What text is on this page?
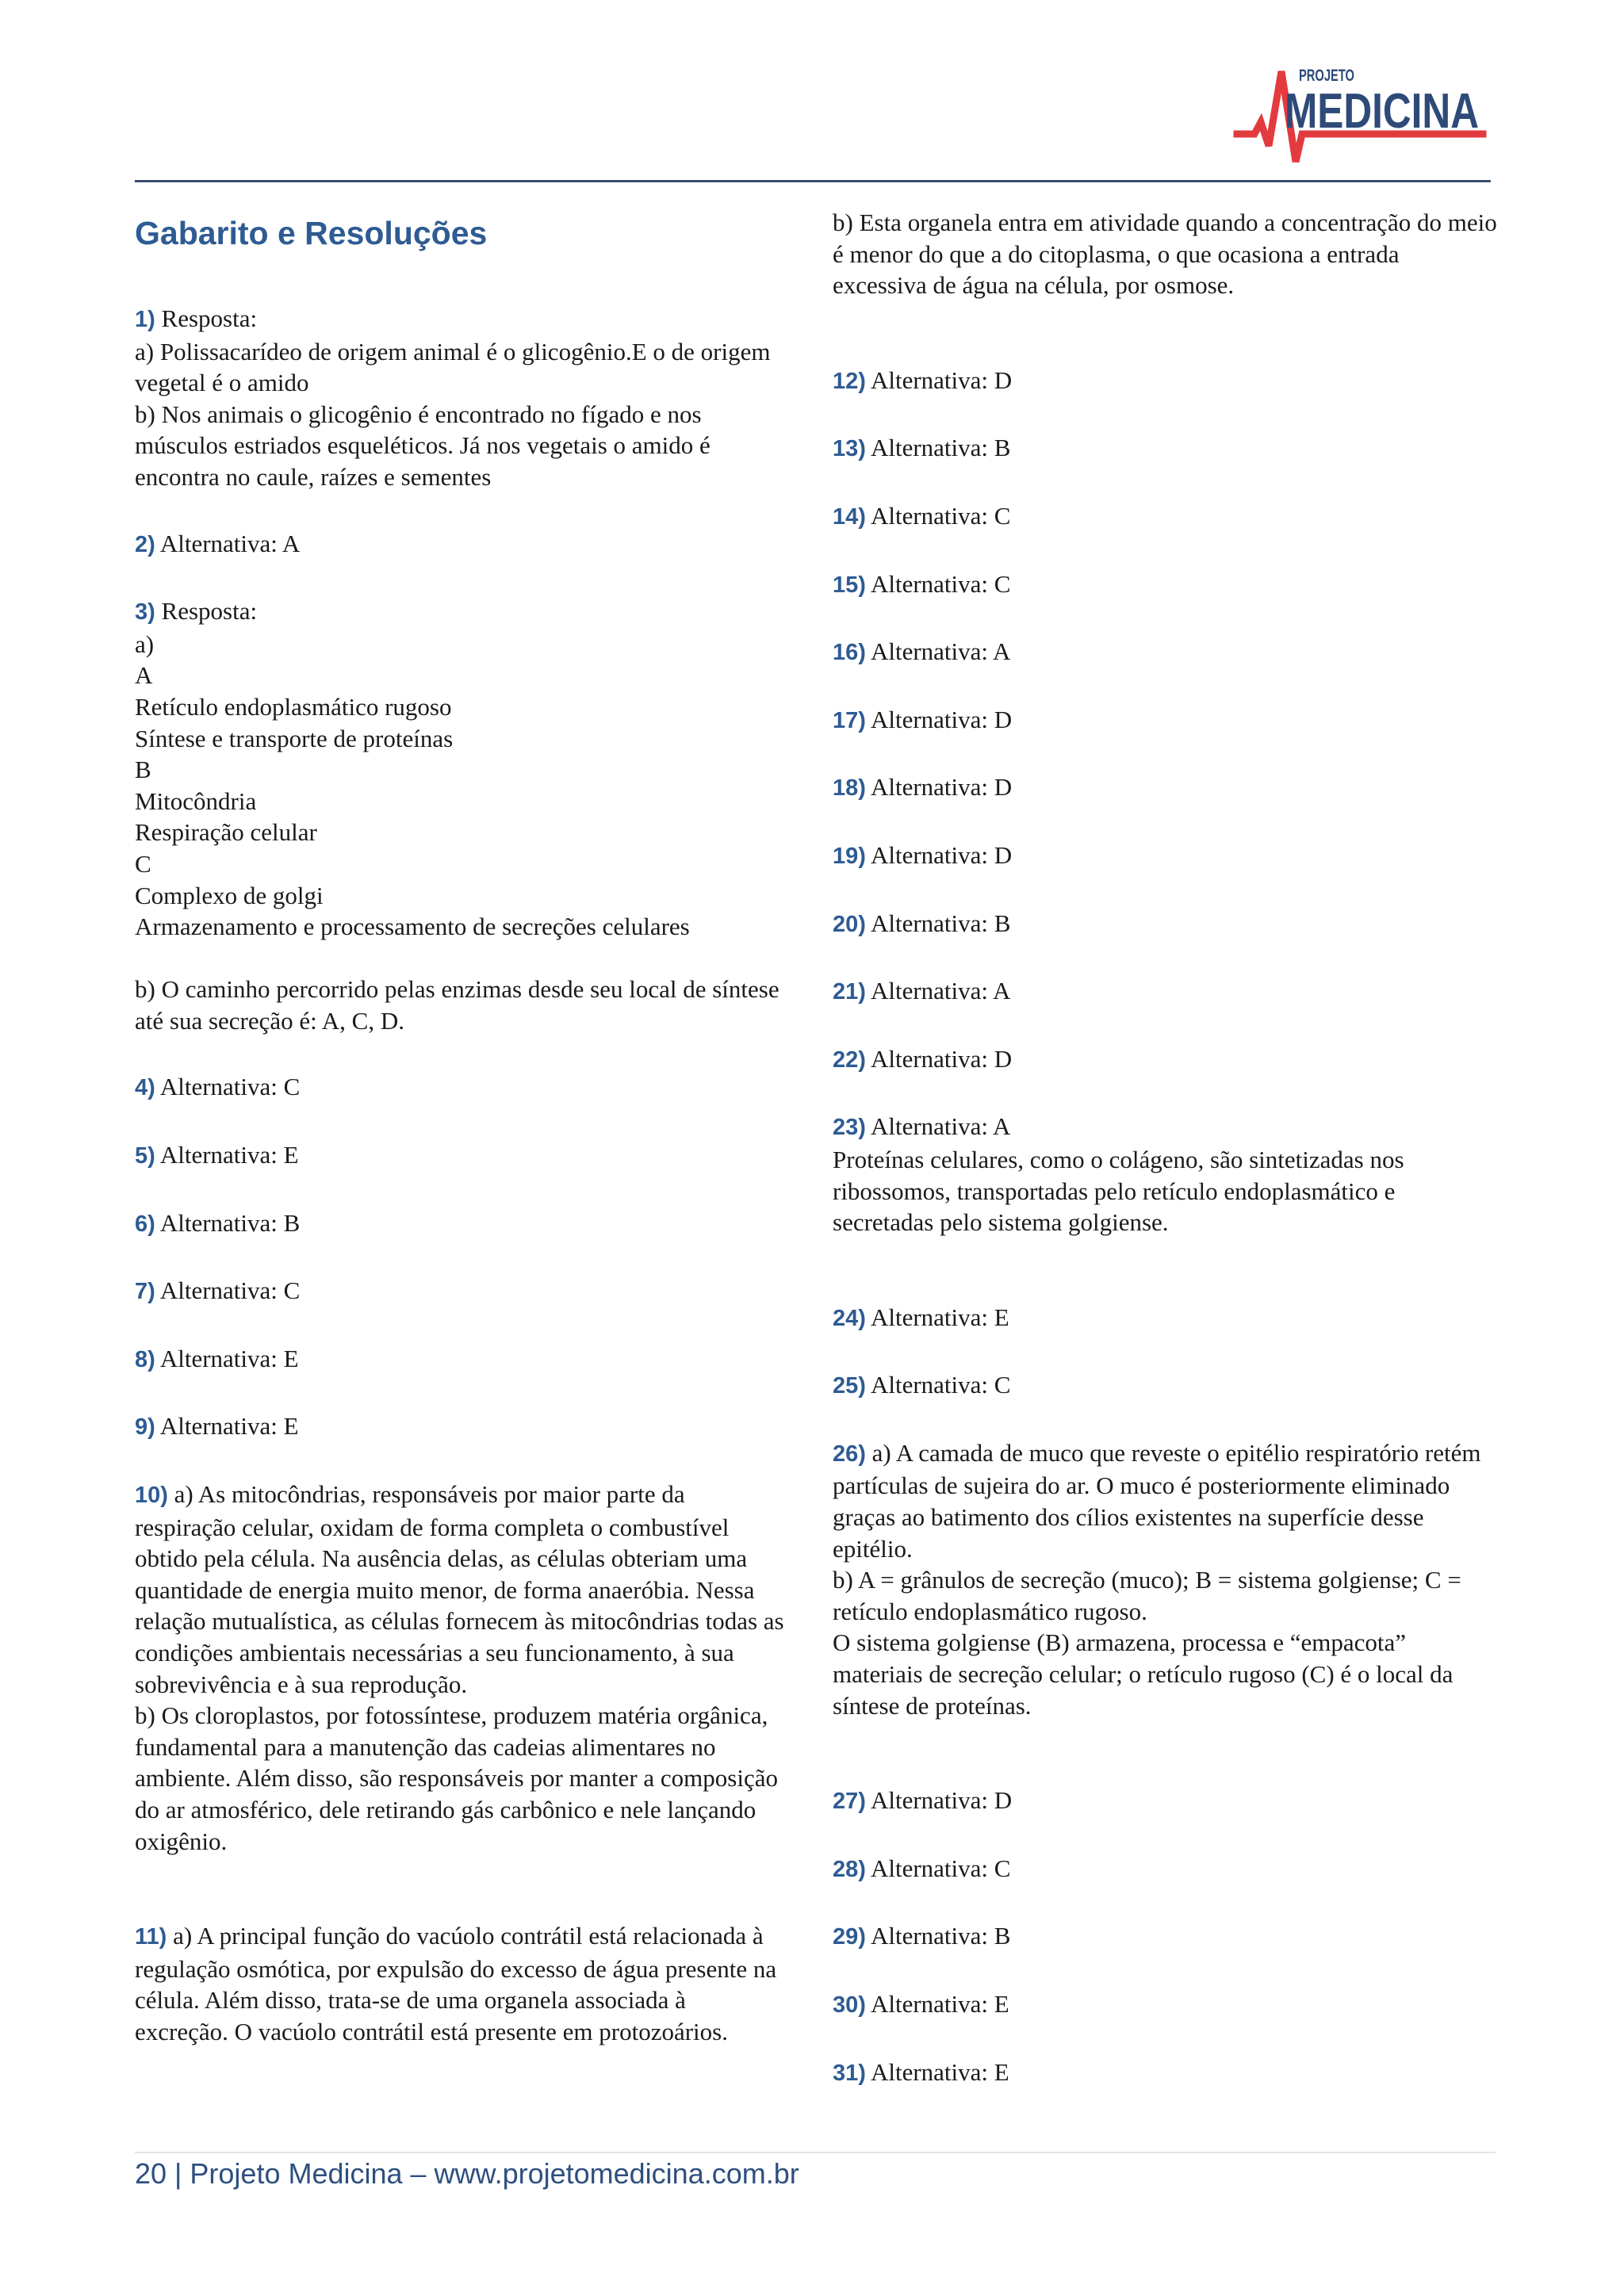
PROJETO
MEDICINA
Gabarito e Resoluções

1) Resposta:

a) Polissacarídeo de origem animal é o glicogênio.E o de origem vegetal é o amido

b) Nos animais o glicogênio é encontrado no fígado e nos músculos estriados esqueléticos. Já nos vegetais o amido é encontra no caule, raízes e sementes

2) Alternativa: A

3) Resposta:

a)

A

Retículo endoplasmático rugoso

Síntese e transporte de proteínas

B

Mitocôndria

Respiração celular

C

Complexo de golgi

Armazenamento e processamento de secreções celulares

b) O caminho percorrido pelas enzimas desde seu local de síntese até sua secreção é: A, C, D.

4) Alternativa: C

5) Alternativa: E

6) Alternativa: B

7) Alternativa: C

8) Alternativa: E

9) Alternativa: E

10) a) As mitocôndrias, responsáveis por maior parte da respiração celular, oxidam de forma completa o combustível obtido pela célula. Na ausência delas, as células obteriam uma quantidade de energia muito menor, de forma anaeróbia. Nessa relação mutualística, as células fornecem às mitocôndrias todas as condições ambientais necessárias a seu funcionamento, à sua sobrevivência e à sua reprodução.

b) Os cloroplastos, por fotossíntese, produzem matéria orgânica, fundamental para a manutenção das cadeias alimentares no ambiente. Além disso, são responsáveis por manter a composição do ar atmosférico, dele retirando gás carbônico e nele lançando oxigênio.

11) a) A principal função do vacúolo contrátil está relacionada à regulação osmótica, por expulsão do excesso de água presente na célula. Além disso, trata-se de uma organela associada à excreção. O vacúolo contrátil está presente em protozoários.

b) Esta organela entra em atividade quando a concentração do meio é menor do que a do citoplasma, o que ocasiona a entrada excessiva de água na célula, por osmose.

12) Alternativa: D

13) Alternativa: B

14) Alternativa: C

15) Alternativa: C

16) Alternativa: A

17) Alternativa: D

18) Alternativa: D

19) Alternativa: D

20) Alternativa: B

21) Alternativa: A

22) Alternativa: D

23) Alternativa: A

Proteínas celulares, como o colágeno, são sintetizadas nos ribossomos, transportadas pelo retículo endoplasmático e secretadas pelo sistema golgiense.

24) Alternativa: E

25) Alternativa: C

26) a) A camada de muco que reveste o epitélio respiratório retém partículas de sujeira do ar. O muco é posteriormente eliminado graças ao batimento dos cílios existentes na superfície desse epitélio.

b) A = grânulos de secreção (muco); B = sistema golgiense; C = retículo endoplasmático rugoso.

O sistema golgiense (B) armazena, processa e “empacota” materiais de secreção celular; o retículo rugoso (C) é o local da síntese de proteínas.

27) Alternativa: D

28) Alternativa: C

29) Alternativa: B

30) Alternativa: E

31) Alternativa: E

20 | Projeto Medicina – www.projetomedicina.com.br
